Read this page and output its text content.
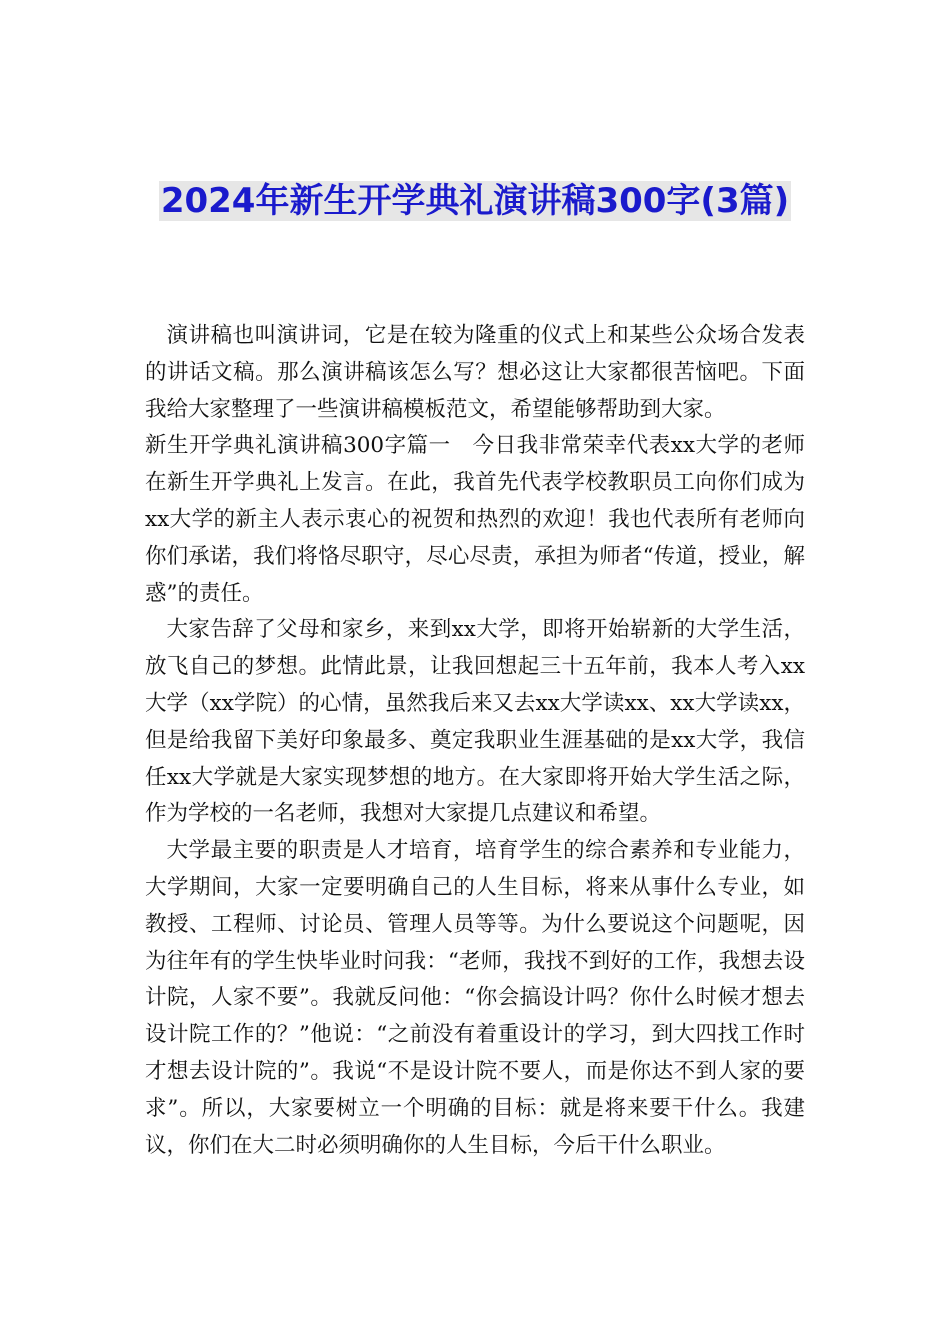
2024年新生开学典礼演讲稿300字(3篇)

演讲稿也叫演讲词，它是在较为隆重的仪式上和某些公众场合发表的讲话文稿。那么演讲稿该怎么写？想必这让大家都很苦恼吧。下面我给大家整理了一些演讲稿模板范文，希望能够帮助到大家。

新生开学典礼演讲稿300字篇一　今日我非常荣幸代表xx大学的老师在新生开学典礼上发言。在此，我首先代表学校教职员工向你们成为xx大学的新主人表示衷心的祝贺和热烈的欢迎！我也代表所有老师向你们承诺，我们将恪尽职守，尽心尽责，承担为师者“传道，授业，解惑”的责任。

大家告辞了父母和家乡，来到xx大学，即将开始崭新的大学生活，放飞自己的梦想。此情此景，让我回想起三十五年前，我本人考入xx大学（xx学院）的心情，虽然我后来又去xx大学读xx、xx大学读xx，但是给我留下美好印象最多、奠定我职业生涯基础的是xx大学，我信任xx大学就是大家实现梦想的地方。在大家即将开始大学生活之际，作为学校的一名老师，我想对大家提几点建议和希望。

大学最主要的职责是人才培育，培育学生的综合素养和专业能力，大学期间，大家一定要明确自己的人生目标，将来从事什么专业，如教授、工程师、讨论员、管理人员等等。为什么要说这个问题呢，因为往年有的学生快毕业时问我：“老师，我找不到好的工作，我想去设计院，人家不要”。我就反问他：“你会搞设计吗？你什么时候才想去设计院工作的？”他说：“之前没有着重设计的学习，到大四找工作时才想去设计院的”。我说“不是设计院不要人，而是你达不到人家的要求”。所以，大家要树立一个明确的目标：就是将来要干什么。我建议，你们在大二时必须明确你的人生目标，今后干什么职业。
